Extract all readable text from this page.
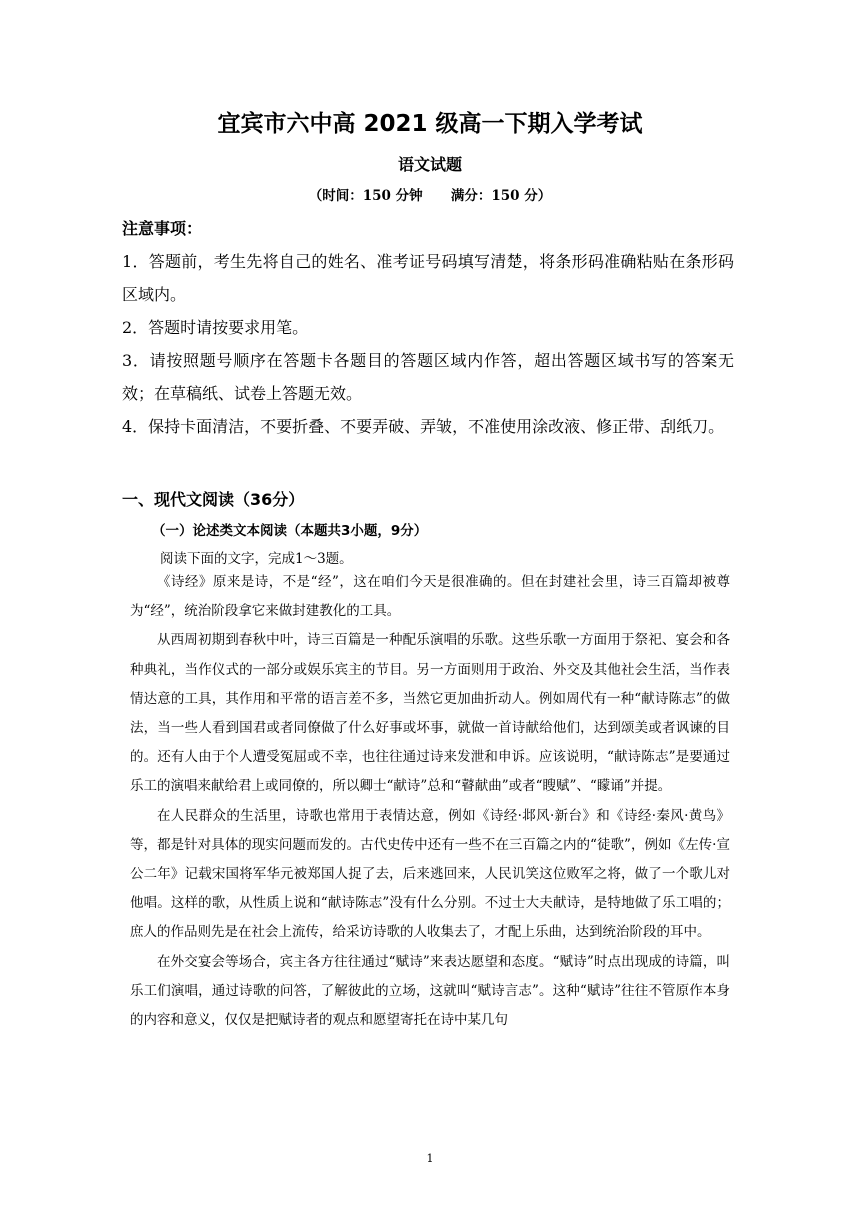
宜宾市六中高 2021 级高一下期入学考试
语文试题

（时间：150 分钟      满分：150 分）

注意事项：

1．答题前，考生先将自己的姓名、准考证号码填写清楚，将条形码准确粘贴在条形码区域内。
2．答题时请按要求用笔。
3．请按照题号顺序在答题卡各题目的答题区域内作答，超出答题区域书写的答案无效；在草稿纸、试卷上答题无效。
4．保持卡面清洁，不要折叠、不要弄破、弄皱，不准使用涂改液、修正带、刮纸刀。

一、现代文阅读（36分）

（一）论述类文本阅读（本题共3小题，9分）

阅读下面的文字，完成1～3题。

《诗经》原来是诗，不是“经”，这在咱们今天是很准确的。但在封建社会里，诗三百篇却被尊为“经”，统治阶段拿它来做封建教化的工具。

从西周初期到春秋中叶，诗三百篇是一种配乐演唱的乐歌。这些乐歌一方面用于祭祀、宴会和各种典礼，当作仪式的一部分或娱乐宾主的节目。另一方面则用于政治、外交及其他社会生活，当作表情达意的工具，其作用和平常的语言差不多，当然它更加曲折动人。例如周代有一种“献诗陈志”的做法，当一些人看到国君或者同僚做了什么好事或坏事，就做一首诗献给他们，达到颂美或者讽谏的目的。还有人由于个人遭受冤屈或不幸，也往往通过诗来发泄和申诉。应该说明，“献诗陈志”是要通过乐工的演唱来献给君上或同僚的，所以卿士“献诗”总和“瞽献曲”或者“瞍赋”、“矇诵”并提。

在人民群众的生活里，诗歌也常用于表情达意，例如《诗经·邶风·新台》和《诗经·秦风·黄鸟》等，都是针对具体的现实问题而发的。古代史传中还有一些不在三百篇之内的“徒歌”，例如《左传·宣公二年》记载宋国将军华元被郑国人捉了去，后来逃回来，人民讥笑这位败军之将，做了一个歌儿对他唱。这样的歌，从性质上说和“献诗陈志”没有什么分别。不过士大夫献诗，是特地做了乐工唱的；庶人的作品则先是在社会上流传，给采访诗歌的人收集去了，才配上乐曲，达到统治阶段的耳中。

在外交宴会等场合，宾主各方往往通过“赋诗”来表达愿望和态度。“赋诗”时点出现成的诗篇，叫乐工们演唱，通过诗歌的问答，了解彼此的立场，这就叫“赋诗言志”。这种“赋诗”往往不管原作本身的内容和意义，仅仅是把赋诗者的观点和愿望寄托在诗中某几句

1
